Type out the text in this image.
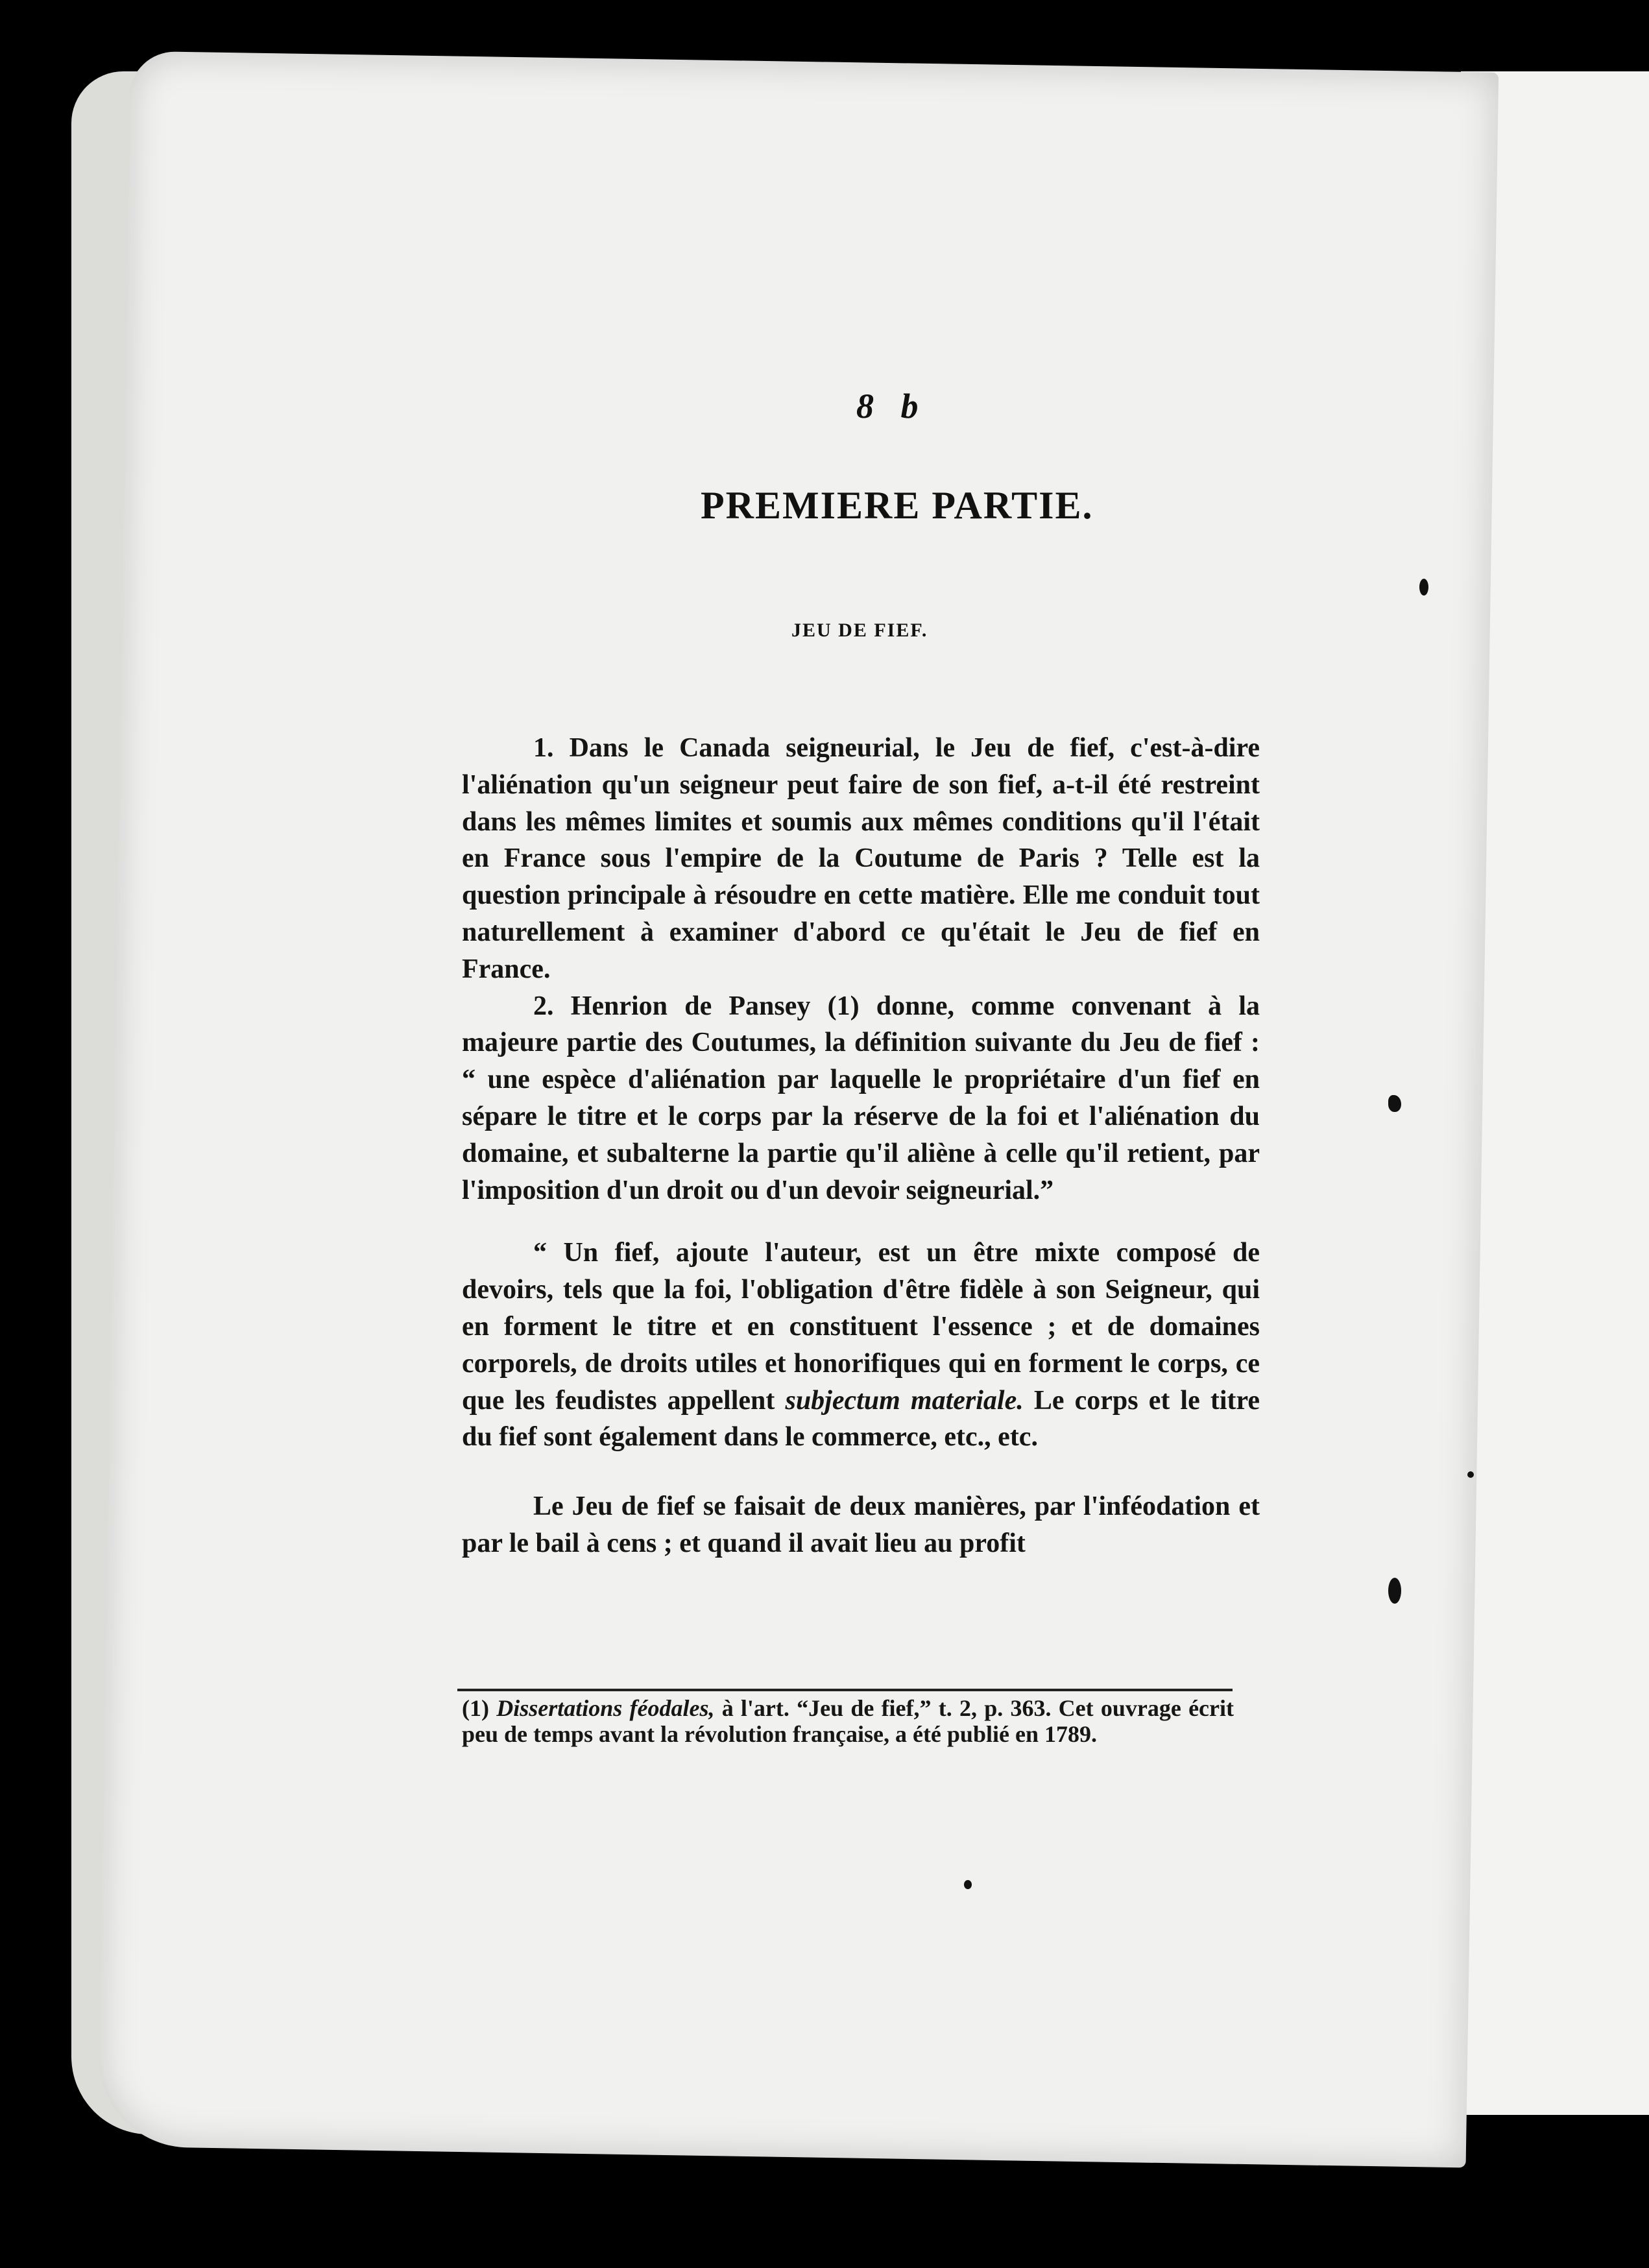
8 b
PREMIERE PARTIE.
JEU DE FIEF.

1. Dans le Canada seigneurial, le Jeu de fief, c'est-à-dire l'aliénation qu'un seigneur peut faire de son fief, a-t-il été restreint dans les mêmes limites et soumis aux mêmes conditions qu'il l'était en France sous l'empire de la Coutume de Paris ? Telle est la question principale à résoudre en cette matière. Elle me conduit tout naturellement à examiner d'abord ce qu'était le Jeu de fief en France.

2. Henrion de Pansey (1) donne, comme convenant à la majeure partie des Coutumes, la définition suivante du Jeu de fief : “ une espèce d'aliénation par laquelle le propriétaire d'un fief en sépare le titre et le corps par la réserve de la foi et l'aliénation du domaine, et subalterne la partie qu'il aliène à celle qu'il retient, par l'imposition d'un droit ou d'un devoir seigneurial.”

“ Un fief, ajoute l'auteur, est un être mixte composé de devoirs, tels que la foi, l'obligation d'être fidèle à son Seigneur, qui en forment le titre et en constituent l'essence ; et de domaines corporels, de droits utiles et honorifiques qui en forment le corps, ce que les feudistes appellent subjectum materiale. Le corps et le titre du fief sont également dans le commerce, etc., etc.

Le Jeu de fief se faisait de deux manières, par l'inféodation et par le bail à cens ; et quand il avait lieu au profit

(1) Dissertations féodales, à l'art. “Jeu de fief,” t. 2, p. 363. Cet ouvrage écrit peu de temps avant la révolution française, a été publié en 1789.
